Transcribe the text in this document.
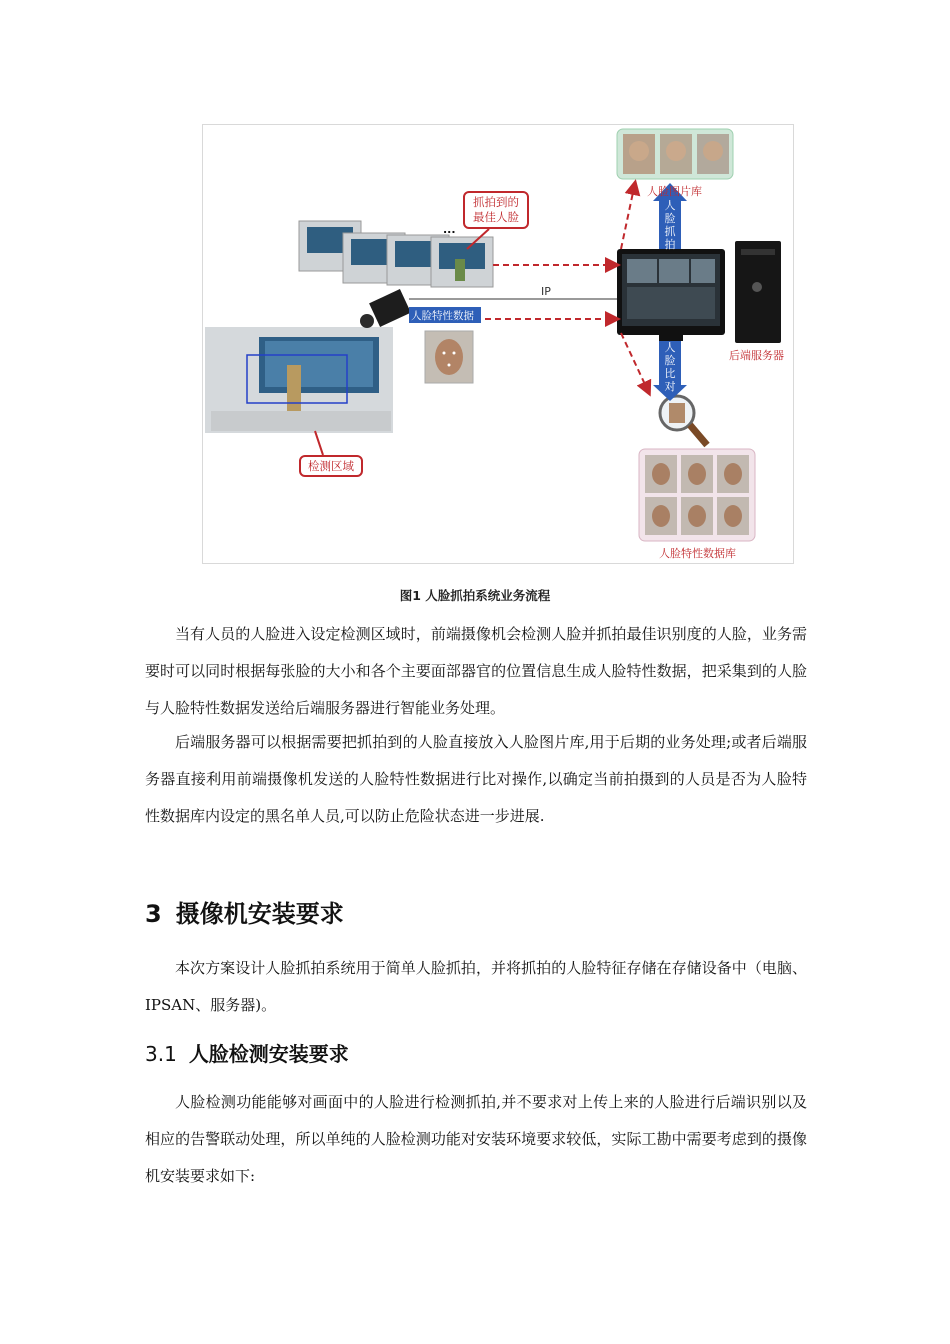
人脸图片库
抓拍到的
最佳人脸
...
IP
人脸特性数据
人脸抓拍
人脸比对
后端服务器
检测区域
人脸特性数据库
图1 人脸抓拍系统业务流程

当有人员的人脸进入设定检测区域时，前端摄像机会检测人脸并抓拍最佳识别度的人脸，业务需要时可以同时根据每张脸的大小和各个主要面部器官的位置信息生成人脸特性数据，把采集到的人脸与人脸特性数据发送给后端服务器进行智能业务处理。

后端服务器可以根据需要把抓拍到的人脸直接放入人脸图片库,用于后期的业务处理;或者后端服务器直接利用前端摄像机发送的人脸特性数据进行比对操作,以确定当前拍摄到的人员是否为人脸特性数据库内设定的黑名单人员,可以防止危险状态进一步进展.

3 摄像机安装要求

本次方案设计人脸抓拍系统用于简单人脸抓拍，并将抓拍的人脸特征存储在存储设备中（电脑、IPSAN、服务器)。

3.1 人脸检测安装要求

人脸检测功能能够对画面中的人脸进行检测抓拍,并不要求对上传上来的人脸进行后端识别以及相应的告警联动处理，所以单纯的人脸检测功能对安装环境要求较低，实际工勘中需要考虑到的摄像机安装要求如下:
